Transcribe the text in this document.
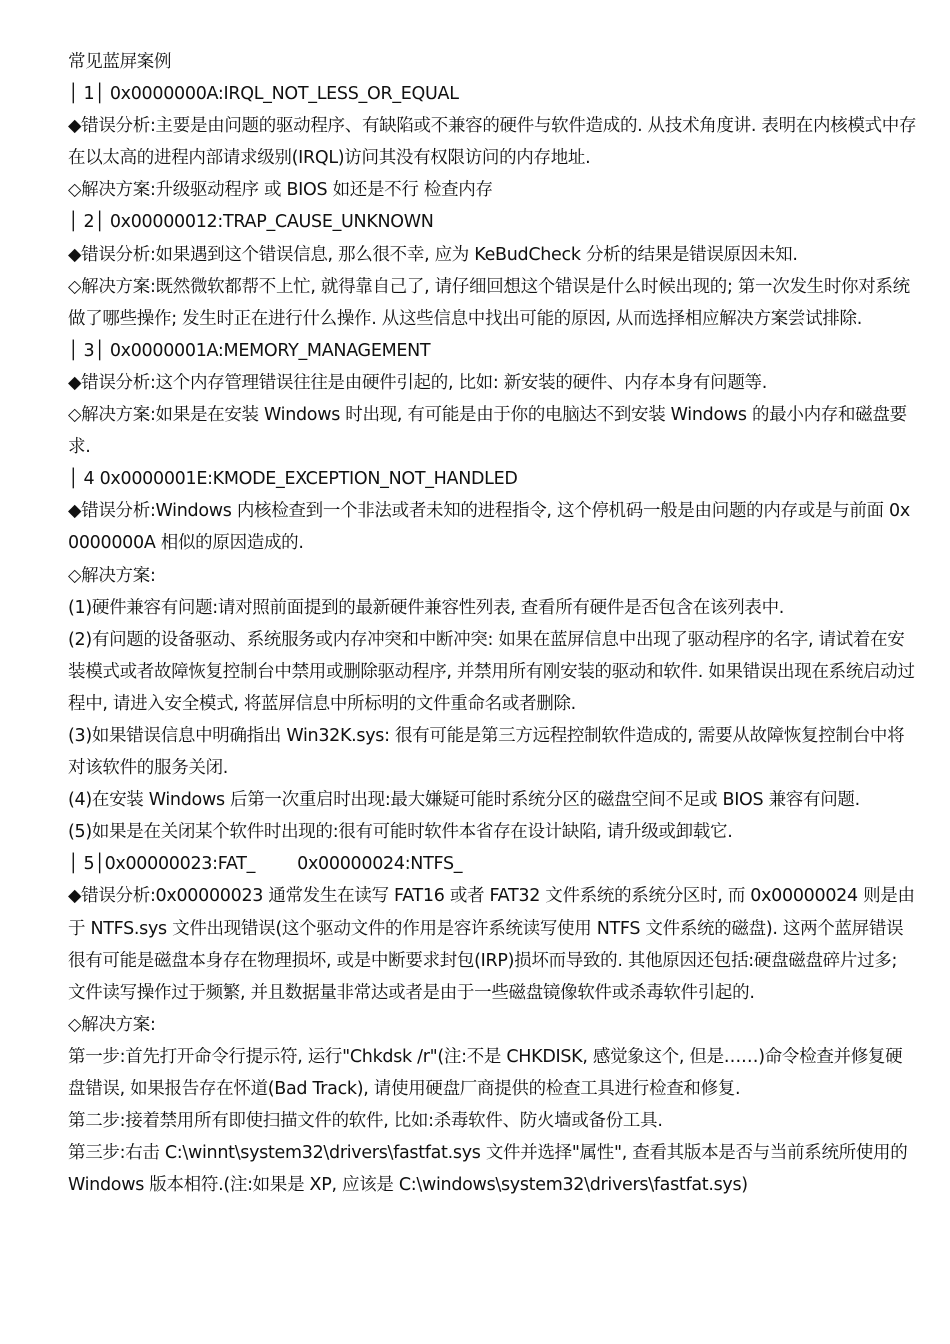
常见蓝屏案例

│ 1│ 0x0000000A:IRQL_NOT_LESS_OR_EQUAL

◆错误分析:主要是由问题的驱动程序、有缺陷或不兼容的硬件与软件造成的. 从技术角度讲. 表明在内核模式中存在以太高的进程内部请求级别(IRQL)访问其没有权限访问的内存地址.

◇解决方案:升级驱动程序 或 BIOS 如还是不行 检查内存

│ 2│ 0x00000012:TRAP_CAUSE_UNKNOWN

◆错误分析:如果遇到这个错误信息, 那么很不幸, 应为 KeBudCheck 分析的结果是错误原因未知.

◇解决方案:既然微软都帮不上忙, 就得靠自己了, 请仔细回想这个错误是什么时候出现的; 第一次发生时你对系统做了哪些操作; 发生时正在进行什么操作. 从这些信息中找出可能的原因, 从而选择相应解决方案尝试排除.

│ 3│ 0x0000001A:MEMORY_MANAGEMENT

◆错误分析:这个内存管理错误往往是由硬件引起的, 比如: 新安装的硬件、内存本身有问题等.

◇解决方案:如果是在安装 Windows 时出现, 有可能是由于你的电脑达不到安装 Windows 的最小内存和磁盘要求.

│ 4 0x0000001E:KMODE_EXCEPTION_NOT_HANDLED

◆错误分析:Windows 内核检查到一个非法或者未知的进程指令, 这个停机码一般是由问题的内存或是与前面 0x0000000A 相似的原因造成的.

◇解决方案:

(1)硬件兼容有问题:请对照前面提到的最新硬件兼容性列表, 查看所有硬件是否包含在该列表中.

(2)有问题的设备驱动、系统服务或内存冲突和中断冲突: 如果在蓝屏信息中出现了驱动程序的名字, 请试着在安装模式或者故障恢复控制台中禁用或删除驱动程序, 并禁用所有刚安装的驱动和软件. 如果错误出现在系统启动过程中, 请进入安全模式, 将蓝屏信息中所标明的文件重命名或者删除.

(3)如果错误信息中明确指出 Win32K.sys: 很有可能是第三方远程控制软件造成的, 需要从故障恢复控制台中将对该软件的服务关闭.

(4)在安装 Windows 后第一次重启时出现:最大嫌疑可能时系统分区的磁盘空间不足或 BIOS 兼容有问题.

(5)如果是在关闭某个软件时出现的:很有可能时软件本省存在设计缺陷, 请升级或卸载它.

│ 5│0x00000023:FAT_        0x00000024:NTFS_

◆错误分析:0x00000023 通常发生在读写 FAT16 或者 FAT32 文件系统的系统分区时, 而 0x00000024 则是由于 NTFS.sys 文件出现错误(这个驱动文件的作用是容许系统读写使用 NTFS 文件系统的磁盘). 这两个蓝屏错误很有可能是磁盘本身存在物理损坏, 或是中断要求封包(IRP)损坏而导致的. 其他原因还包括:硬盘磁盘碎片过多; 文件读写操作过于频繁, 并且数据量非常达或者是由于一些磁盘镜像软件或杀毒软件引起的.

◇解决方案:

第一步:首先打开命令行提示符, 运行"Chkdsk /r"(注:不是 CHKDISK, 感觉象这个, 但是……)命令检查并修复硬盘错误, 如果报告存在怀道(Bad Track), 请使用硬盘厂商提供的检查工具进行检查和修复.

第二步:接着禁用所有即使扫描文件的软件, 比如:杀毒软件、防火墙或备份工具.

第三步:右击 C:\winnt\system32\drivers\fastfat.sys 文件并选择"属性", 查看其版本是否与当前系统所使用的 Windows 版本相符.(注:如果是 XP, 应该是 C:\windows\system32\drivers\fastfat.sys)
